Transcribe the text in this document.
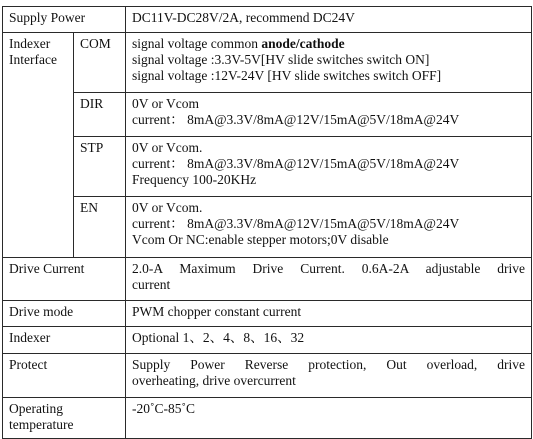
Supply Power		DC11V-DC28V/2A, recommend DC24V

Indexer
Interface	COM	signal voltage common anode/cathode
signal voltage :3.3V-5V[HV slide switches switch ON]
signal voltage :12V-24V [HV slide switches switch OFF]

	DIR	0V or Vcom
current： 8mA@3.3V/8mA@12V/15mA@5V/18mA@24V

	STP	0V or Vcom.
current： 8mA@3.3V/8mA@12V/15mA@5V/18mA@24V
Frequency 100-20KHz

	EN	0V or Vcom.
current： 8mA@3.3V/8mA@12V/15mA@5V/18mA@24V
Vcom Or NC:enable stepper motors;0V disable

Drive Current		2.0-A Maximum Drive Current. 0.6A-2A adjustable drive
current

Drive mode		PWM chopper constant current

Indexer		Optional 1、2、4、8、16、32

Protect		Supply Power Reverse protection, Out overload, drive
overheating, drive overcurrent

Operating
temperature		-20˚C-85˚C
